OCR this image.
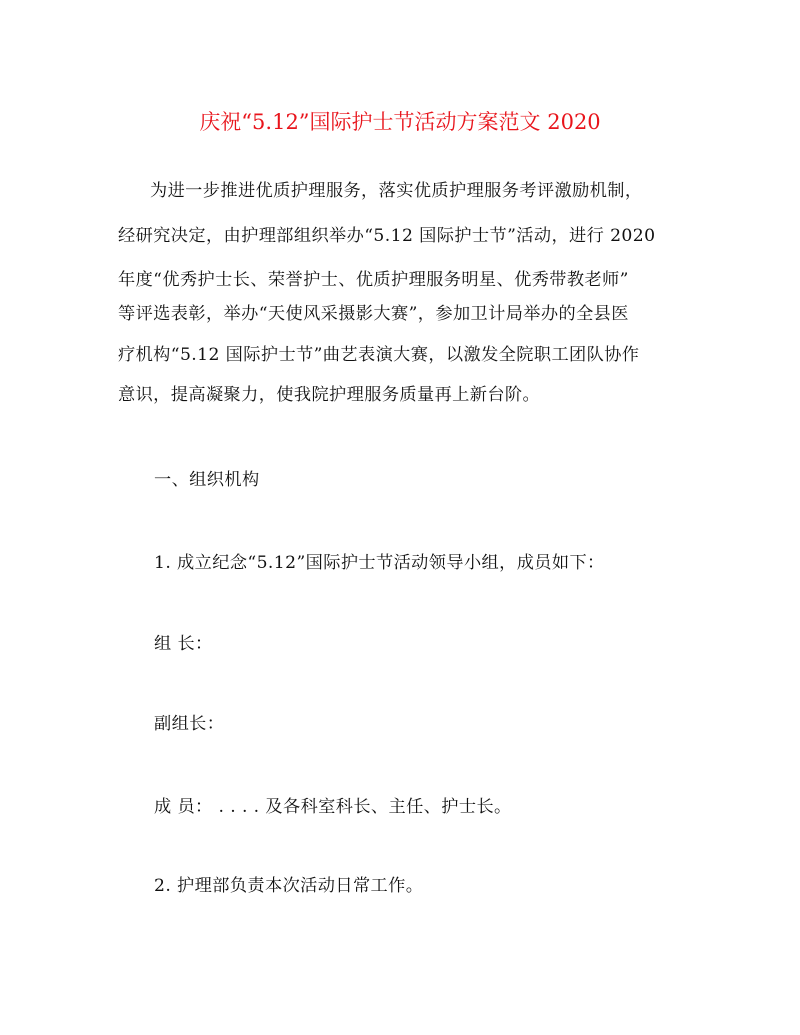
庆祝“5.12”国际护士节活动方案范文 2020
为进一步推进优质护理服务，落实优质护理服务考评激励机制，
经研究决定，由护理部组织举办“5.12 国际护士节”活动，进行 2020
年度“优秀护士长、荣誉护士、优质护理服务明星、优秀带教老师”
等评选表彰，举办“天使风采摄影大赛”，参加卫计局举办的全县医
疗机构“5.12 国际护士节”曲艺表演大赛，以激发全院职工团队协作
意识，提高凝聚力，使我院护理服务质量再上新台阶。
一、组织机构
1. 成立纪念“5.12”国际护士节活动领导小组，成员如下：
组 长：
副组长：
成 员： . . . . 及各科室科长、主任、护士长。
2. 护理部负责本次活动日常工作。
